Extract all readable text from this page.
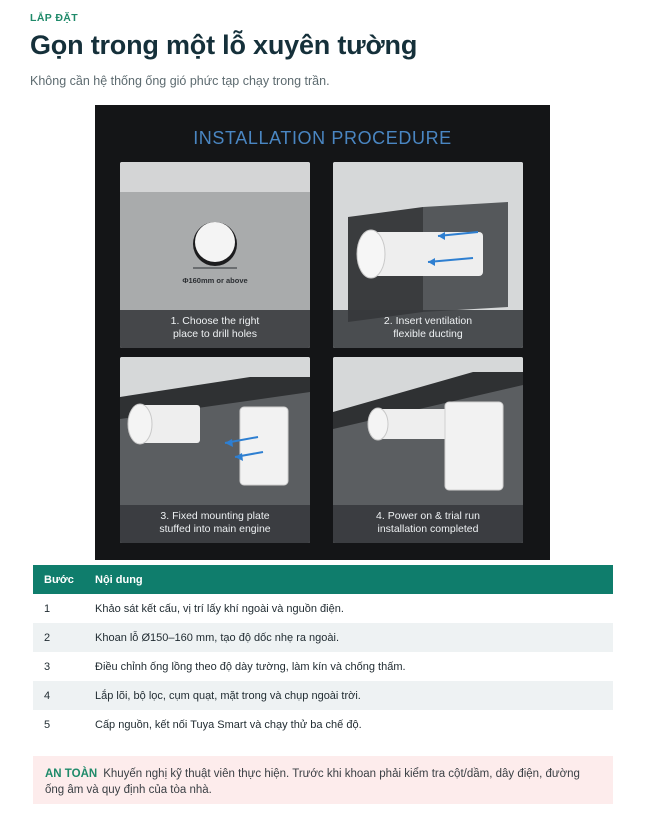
LẮP ĐẶT
Gọn trong một lỗ xuyên tường

Không cần hệ thống ống gió phức tạp chạy trong trần.

INSTALLATION PROCEDURE
Φ160mm or above
1. Choose the right
place to drill holes
2. Insert ventilation
flexible ducting
3. Fixed mounting plate
stuffed into main engine
4. Power on & trial run
installation completed
Bước	Nội dung
1	Khảo sát kết cấu, vị trí lấy khí ngoài và nguồn điện.
2	Khoan lỗ Ø150–160 mm, tạo độ dốc nhẹ ra ngoài.
3	Điều chỉnh ống lồng theo độ dày tường, làm kín và chống thấm.
4	Lắp lõi, bộ lọc, cụm quạt, mặt trong và chụp ngoài trời.
5	Cấp nguồn, kết nối Tuya Smart và chạy thử ba chế độ.
AN TOÀN Khuyến nghị kỹ thuật viên thực hiện. Trước khi khoan phải kiểm tra cột/dầm, dây điện, đường ống âm và quy định của tòa nhà.
